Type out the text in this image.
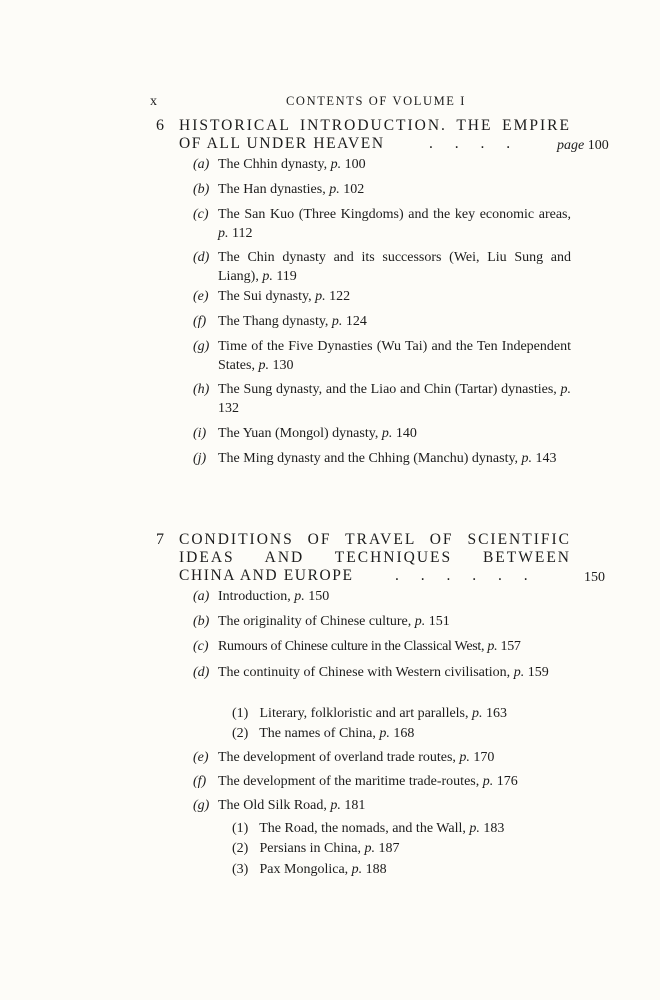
x	CONTENTS OF VOLUME I
6 HISTORICAL INTRODUCTION. THE EMPIRE
OF ALL UNDER HEAVEN	. . . .	page 100
(a) The Chhin dynasty, p. 100
(b) The Han dynasties, p. 102
(c) The San Kuo (Three Kingdoms) and the key economic areas, p. 112
(d) The Chin dynasty and its successors (Wei, Liu Sung and Liang), p. 119
(e) The Sui dynasty, p. 122
(f) The Thang dynasty, p. 124
(g) Time of the Five Dynasties (Wu Tai) and the Ten Independent States, p. 130
(h) The Sung dynasty, and the Liao and Chin (Tartar) dynasties, p. 132
(i) The Yuan (Mongol) dynasty, p. 140
(j) The Ming dynasty and the Chhing (Manchu) dynasty, p. 143
7 CONDITIONS OF TRAVEL OF SCIENTIFIC
IDEAS AND TECHNIQUES BETWEEN
CHINA AND EUROPE	. . . . . .	150
(a) Introduction, p. 150
(b) The originality of Chinese culture, p. 151
(c) Rumours of Chinese culture in the Classical West, p. 157
(d) The continuity of Chinese with Western civilisation, p. 159
(1) Literary, folkloristic and art parallels, p. 163
(2) The names of China, p. 168
(e) The development of overland trade routes, p. 170
(f) The development of the maritime trade-routes, p. 176
(g) The Old Silk Road, p. 181
(1) The Road, the nomads, and the Wall, p. 183
(2) Persians in China, p. 187
(3) Pax Mongolica, p. 188
